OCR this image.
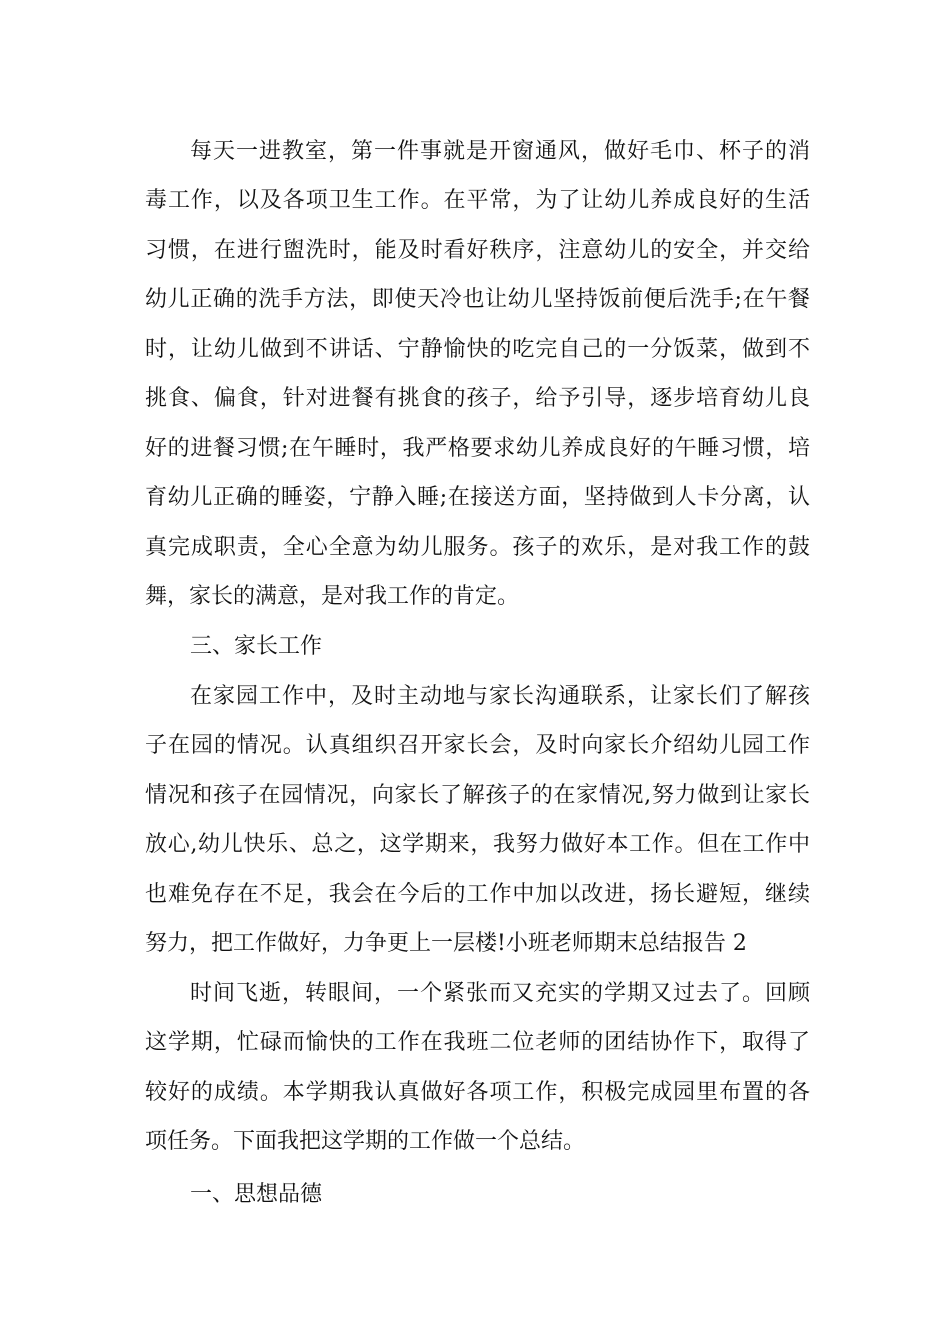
每天一进教室，第一件事就是开窗通风，做好毛巾、杯子的消
毒工作，以及各项卫生工作。在平常，为了让幼儿养成良好的生活
习惯，在进行盥洗时，能及时看好秩序，注意幼儿的安全，并交给
幼儿正确的洗手方法，即使天冷也让幼儿坚持饭前便后洗手;在午餐
时，让幼儿做到不讲话、宁静愉快的吃完自己的一分饭菜，做到不
挑食、偏食，针对进餐有挑食的孩子，给予引导，逐步培育幼儿良
好的进餐习惯;在午睡时，我严格要求幼儿养成良好的午睡习惯，培
育幼儿正确的睡姿，宁静入睡;在接送方面，坚持做到人卡分离，认
真完成职责，全心全意为幼儿服务。孩子的欢乐，是对我工作的鼓
舞，家长的满意，是对我工作的肯定。
三、家长工作
在家园工作中，及时主动地与家长沟通联系，让家长们了解孩
子在园的情况。认真组织召开家长会，及时向家长介绍幼儿园工作
情况和孩子在园情况，向家长了解孩子的在家情况,努力做到让家长
放心,幼儿快乐、总之，这学期来，我努力做好本工作。但在工作中
也难免存在不足，我会在今后的工作中加以改进，扬长避短，继续
努力，把工作做好，力争更上一层楼!小班老师期末总结报告 2
时间飞逝，转眼间，一个紧张而又充实的学期又过去了。回顾
这学期，忙碌而愉快的工作在我班二位老师的团结协作下，取得了
较好的成绩。本学期我认真做好各项工作，积极完成园里布置的各
项任务。下面我把这学期的工作做一个总结。
一、思想品德
